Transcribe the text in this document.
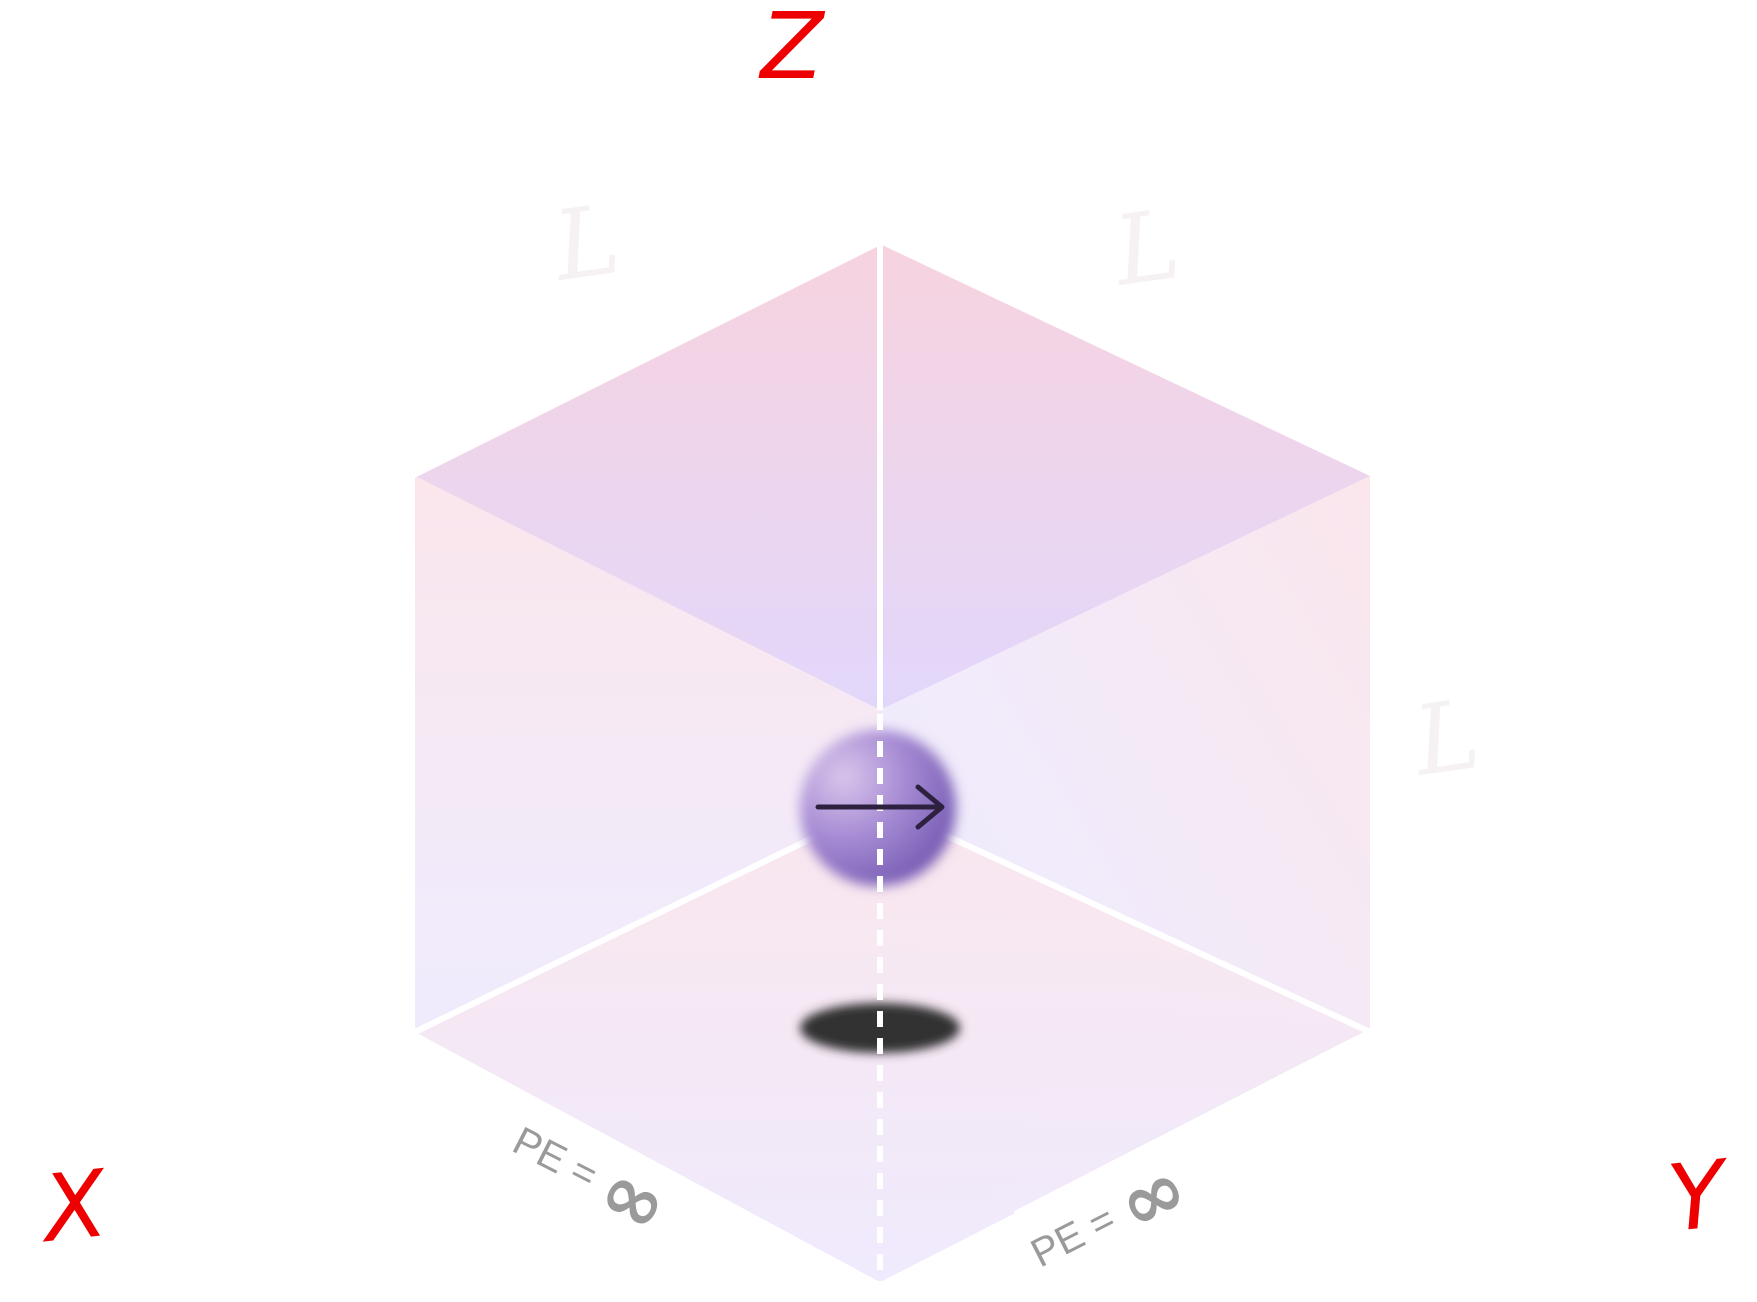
L	L
L
Z
X	Y
PE =
∞	PE =
∞
